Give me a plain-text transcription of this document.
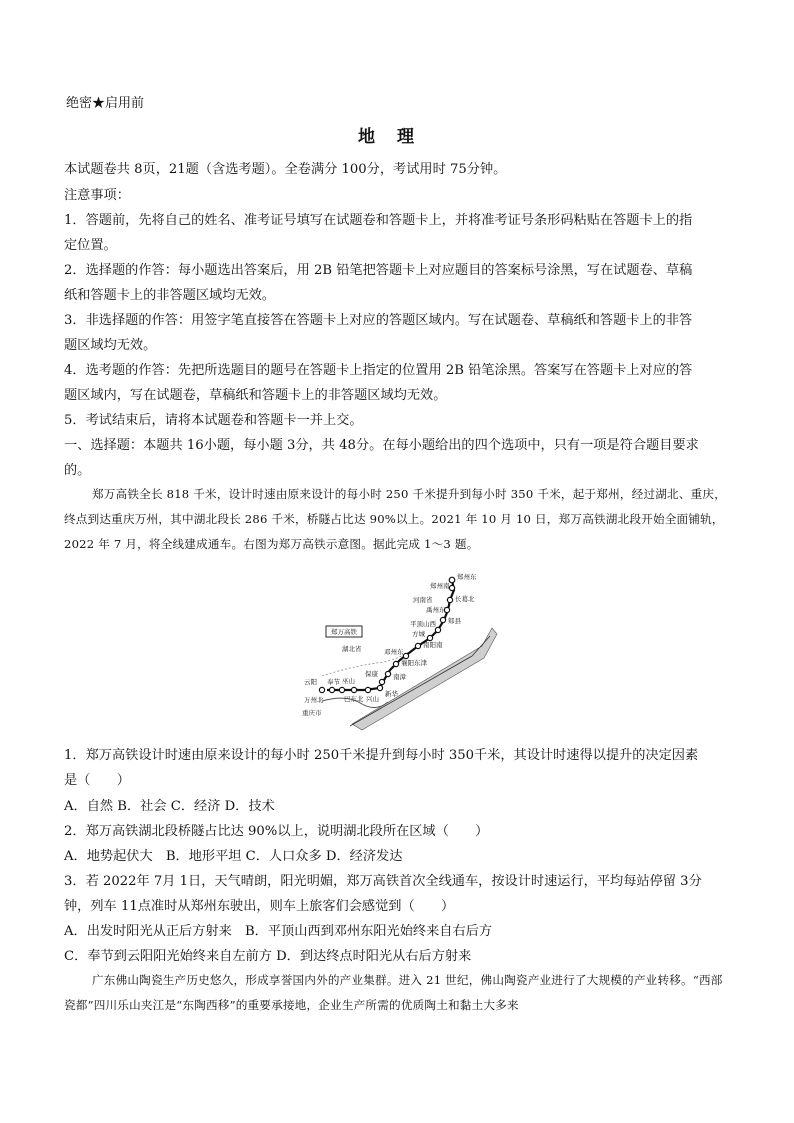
绝密★启用前
地理
本试题卷共 8页，21题（含选考题）。全卷满分 100分，考试用时 75分钟。
注意事项：
1．答题前，先将自己的姓名、准考证号填写在试题卷和答题卡上，并将准考证号条形码粘贴在答题卡上的指
定位置。
2．选择题的作答：每小题选出答案后，用 2B 铅笔把答题卡上对应题目的答案标号涂黑，写在试题卷、草稿
纸和答题卡上的非答题区域均无效。
3．非选择题的作答：用签字笔直接答在答题卡上对应的答题区域内。写在试题卷、草稿纸和答题卡上的非答
题区域均无效。
4．选考题的作答：先把所选题目的题号在答题卡上指定的位置用 2B 铅笔涂黑。答案写在答题卡上对应的答
题区域内，写在试题卷，草稿纸和答题卡上的非答题区域均无效。
5．考试结束后，请将本试题卷和答题卡一并上交。
一、选择题：本题共 16小题，每小题 3分，共 48分。在每小题给出的四个选项中，只有一项是符合题目要求
的。
郑万高铁全长 818 千米，设计时速由原来设计的每小时 250 千米提升到每小时 350 千米，起于郑州，经过湖北、重庆，终点到达重庆万州，其中湖北段长 286 千米，桥隧占比达 90%以上。2021 年 10 月 10 日，郑万高铁湖北段开始全面铺轨，2022 年 7 月，将全线建成通车。右图为郑万高铁示意图。据此完成 1～3 题。
郑万高铁
郑州东
郑州南
河南省	长葛北
禹州东
郏县
平顶山西
方城
南阳南
湖北省	邓州东
襄阳东津
保康 南漳
新华
云阳 奉节 巫山
巴东北 兴山
万州北
重庆市
1．郑万高铁设计时速由原来设计的每小时 250千米提升到每小时 350千米，其设计时速得以提升的决定因素
是（　　）
A．自然 B．社会 C．经济 D．技术
2．郑万高铁湖北段桥隧占比达 90%以上，说明湖北段所在区域（　　）
A．地势起伏大　B．地形平坦 C．人口众多 D．经济发达
3．若 2022年 7月 1日，天气晴朗，阳光明媚，郑万高铁首次全线通车，按设计时速运行，平均每站停留 3分
钟，列车 11点准时从郑州东驶出，则车上旅客们会感觉到（　　）
A．出发时阳光从正后方射来　B．平顶山西到邓州东阳光始终来自右后方
C．奉节到云阳阳光始终来自左前方 D．到达终点时阳光从右后方射来
广东佛山陶瓷生产历史悠久，形成享誉国内外的产业集群。进入 21 世纪，佛山陶瓷产业进行了大规模的产业转移。“西部瓷都”四川乐山夹江是“东陶西移”的重要承接地，企业生产所需的优质陶土和黏土大多来
